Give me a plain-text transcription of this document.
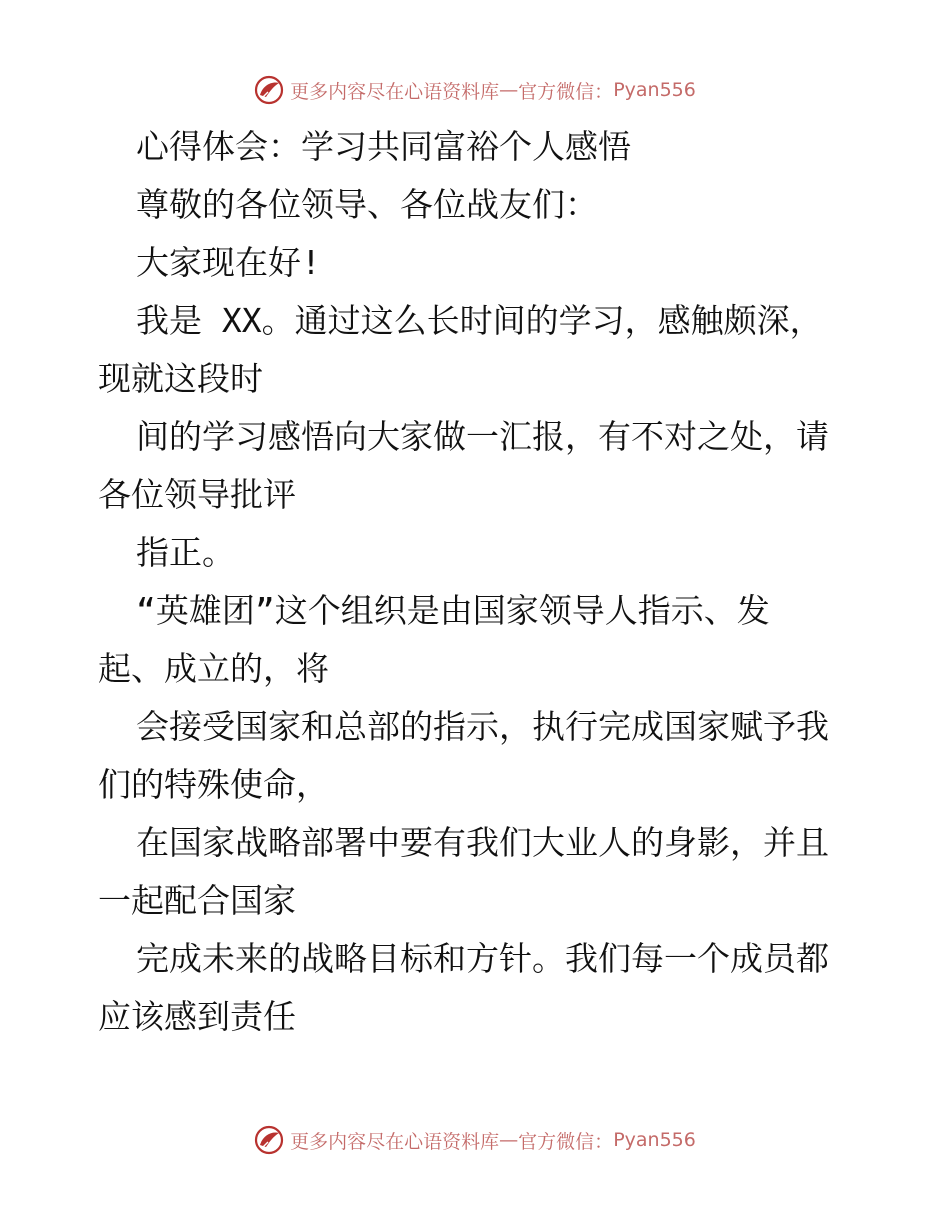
更多内容尽在心语资料库 — 官方微信： Pyan556
心得体会：学习共同富裕个人感悟
尊敬的各位领导、各位战友们：
大家现在好!
我是 XX。通过这么长时间的学习，感触颇深，
现就这段时
间的学习感悟向大家做一汇报，有不对之处，请
各位领导批评
指正。
“英雄团”这个组织是由国家领导人指示、发
起、成立的，将
会接受国家和总部的指示，执行完成国家赋予我
们的特殊使命，
在国家战略部署中要有我们大业人的身影，并且
一起配合国家
完成未来的战略目标和方针。我们每一个成员都
应该感到责任
更多内容尽在心语资料库 — 官方微信： Pyan556
